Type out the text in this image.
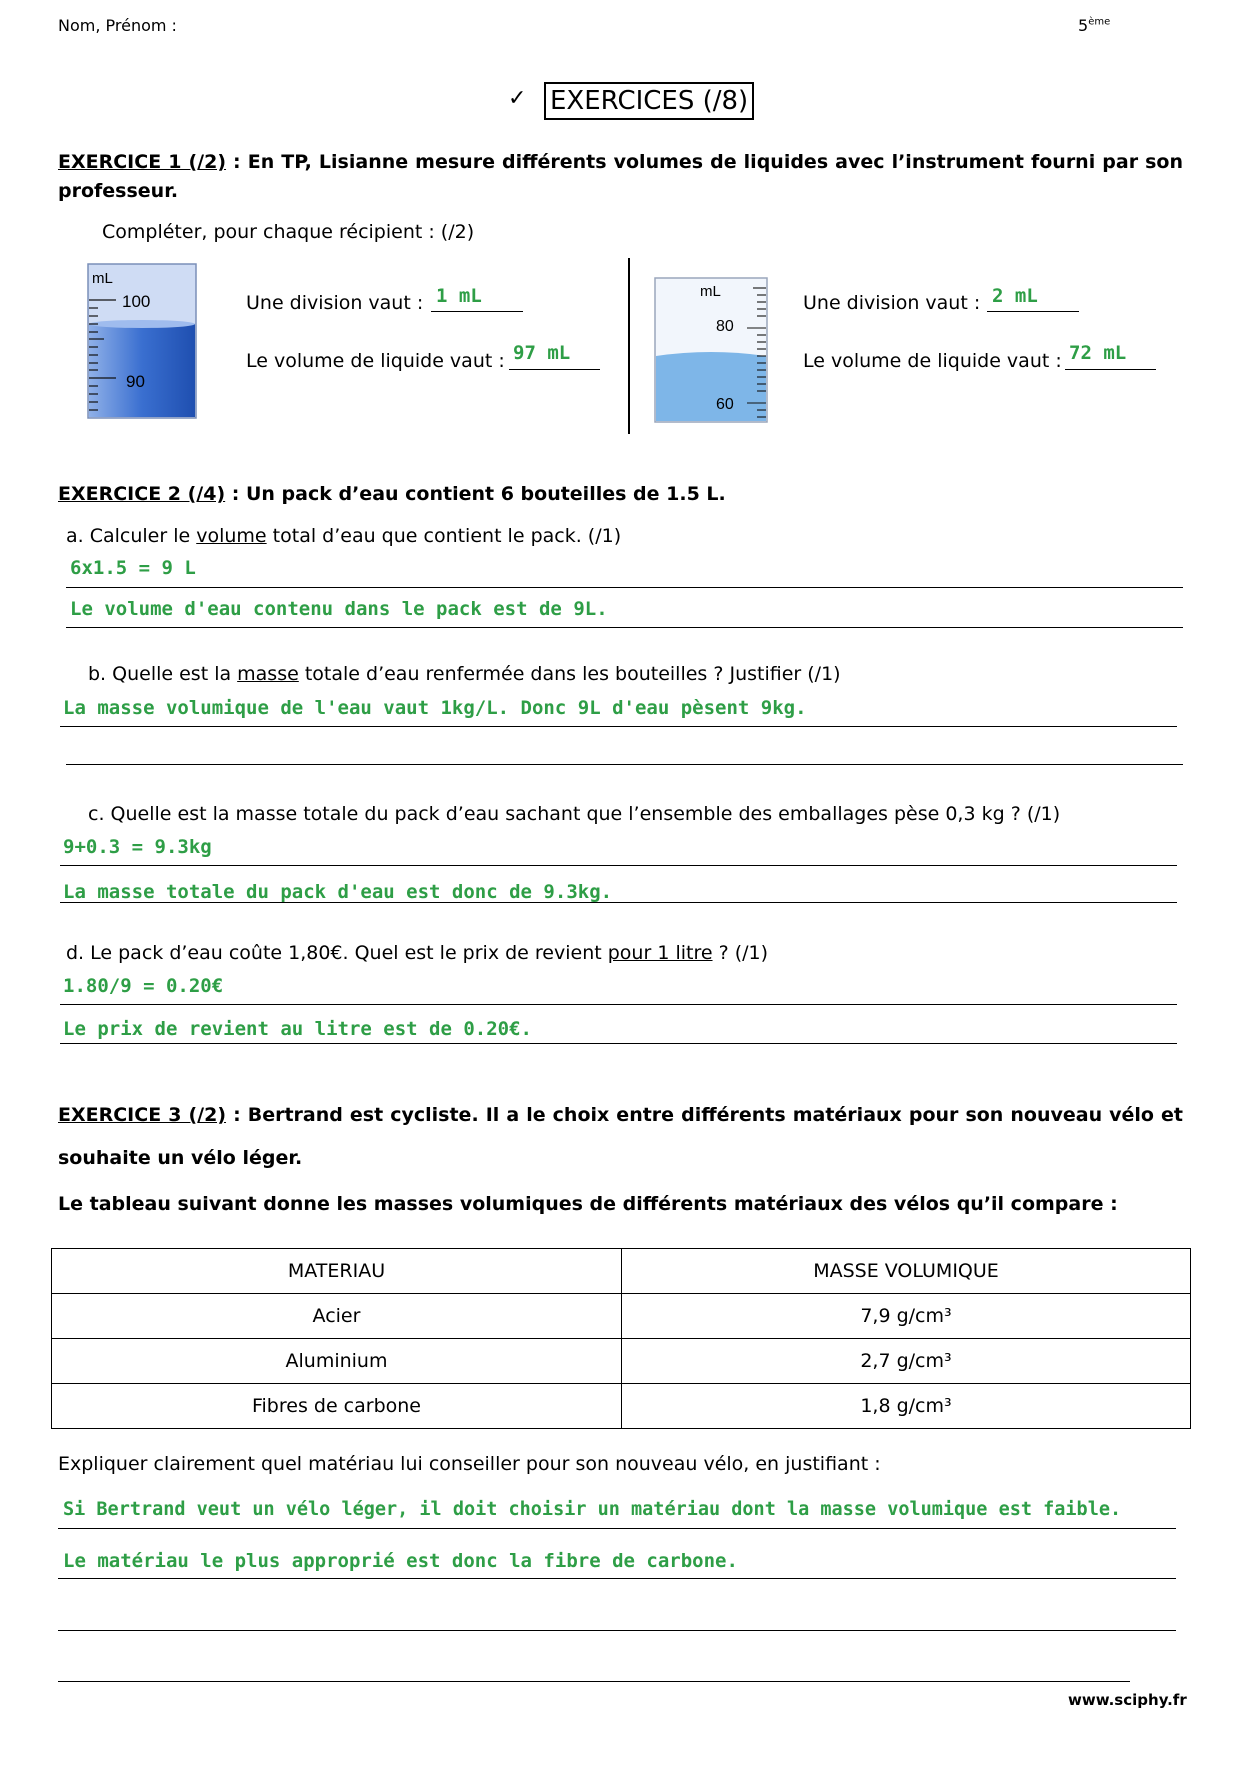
Nom, Prénom :	5ème
✓ EXERCICES (/8)
EXERCICE 1 (/2) : En TP, Lisianne mesure différents volumes de liquides avec l’instrument fourni par son
professeur.
Compléter, pour chaque récipient : (/2)
mL
100
90
Une division vaut : 1 mL
Le volume de liquide vaut : 97 mL
mL
80
60
Une division vaut : 2 mL
Le volume de liquide vaut : 72 mL
EXERCICE 2 (/4) : Un pack d’eau contient 6 bouteilles de 1.5 L.
a. Calculer le volume total d’eau que contient le pack. (/1)
6x1.5 = 9 L
Le volume d'eau contenu dans le pack est de 9L.
b. Quelle est la masse totale d’eau renfermée dans les bouteilles ? Justifier (/1)
La masse volumique de l'eau vaut 1kg/L. Donc 9L d'eau pèsent 9kg.
c. Quelle est la masse totale du pack d’eau sachant que l’ensemble des emballages pèse 0,3 kg ? (/1)
9+0.3 = 9.3kg
La masse totale du pack d'eau est donc de 9.3kg.
d. Le pack d’eau coûte 1,80€. Quel est le prix de revient pour 1 litre ? (/1)
1.80/9 = 0.20€
Le prix de revient au litre est de 0.20€.
EXERCICE 3 (/2) : Bertrand est cycliste. Il a le choix entre différents matériaux pour son nouveau vélo et
souhaite un vélo léger.
Le tableau suivant donne les masses volumiques de différents matériaux des vélos qu’il compare :
MATERIAU	MASSE VOLUMIQUE
Acier	7,9 g/cm³
Aluminium	2,7 g/cm³
Fibres de carbone	1,8 g/cm³
Expliquer clairement quel matériau lui conseiller pour son nouveau vélo, en justifiant :
Si Bertrand veut un vélo léger, il doit choisir un matériau dont la masse volumique est faible.
Le matériau le plus approprié est donc la fibre de carbone.
www.sciphy.fr
